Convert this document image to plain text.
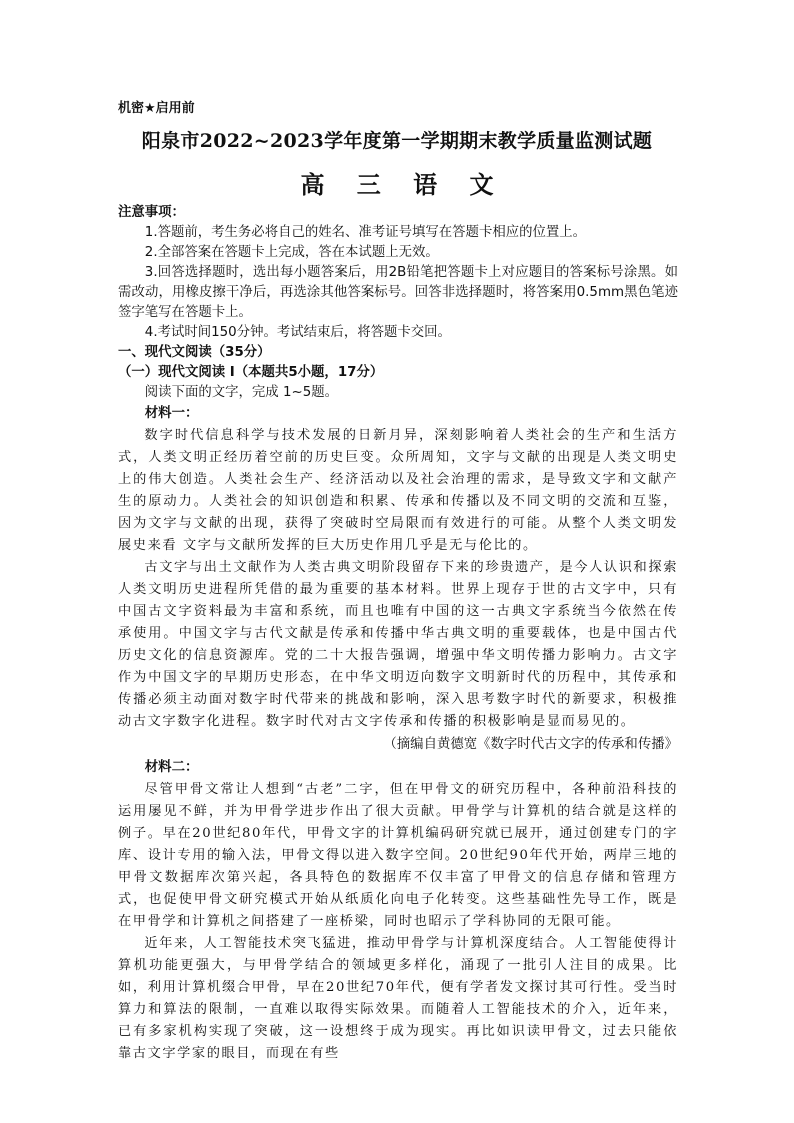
机密★启用前
阳泉市2022~2023学年度第一学期期末教学质量监测试题
高 三 语 文

注意事项：

1.答题前，考生务必将自己的姓名、准考证号填写在答题卡相应的位置上。

2.全部答案在答题卡上完成，答在本试题上无效。

3.回答选择题时，选出每小题答案后，用2B铅笔把答题卡上对应题目的答案标号涂黑。如需改动，用橡皮擦干净后，再选涂其他答案标号。回答非选择题时，将答案用0.5mm黑色笔迹签字笔写在答题卡上。

4.考试时间150分钟。考试结束后，将答题卡交回。

一、现代文阅读（35分）

（一）现代文阅读 I（本题共5小题，17分）

阅读下面的文字，完成 1~5题。

材料一：

数字时代信息科学与技术发展的日新月异，深刻影响着人类社会的生产和生活方式，人类文明正经历着空前的历史巨变。众所周知，文字与文献的出现是人类文明史上的伟大创造。人类社会生产、经济活动以及社会治理的需求，是导致文字和文献产生的原动力。人类社会的知识创造和积累、传承和传播以及不同文明的交流和互鉴，因为文字与文献的出现，获得了突破时空局限而有效进行的可能。从整个人类文明发展史来看 文字与文献所发挥的巨大历史作用几乎是无与伦比的。

古文字与出土文献作为人类古典文明阶段留存下来的珍贵遗产，是今人认识和探索人类文明历史进程所凭借的最为重要的基本材料。世界上现存于世的古文字中，只有中国古文字资料最为丰富和系统，而且也唯有中国的这一古典文字系统当今依然在传承使用。中国文字与古代文献是传承和传播中华古典文明的重要载体，也是中国古代历史文化的信息资源库。党的二十大报告强调，增强中华文明传播力影响力。古文字作为中国文字的早期历史形态，在中华文明迈向数字文明新时代的历程中，其传承和传播必须主动面对数字时代带来的挑战和影响，深入思考数字时代的新要求，积极推动古文字数字化进程。数字时代对古文字传承和传播的积极影响是显而易见的。

（摘编自黄德宽《数字时代古文字的传承和传播》

材料二：

尽管甲骨文常让人想到“古老”二字，但在甲骨文的研究历程中，各种前沿科技的运用屡见不鲜，并为甲骨学进步作出了很大贡献。甲骨学与计算机的结合就是这样的例子。早在20世纪80年代，甲骨文字的计算机编码研究就已展开，通过创建专门的字库、设计专用的输入法，甲骨文得以进入数字空间。20世纪90年代开始，两岸三地的甲骨文数据库次第兴起，各具特色的数据库不仅丰富了甲骨文的信息存储和管理方式，也促使甲骨文研究模式开始从纸质化向电子化转变。这些基础性先导工作，既是在甲骨学和计算机之间搭建了一座桥梁，同时也昭示了学科协同的无限可能。

近年来，人工智能技术突飞猛进，推动甲骨学与计算机深度结合。人工智能使得计算机功能更强大，与甲骨学结合的领域更多样化，涌现了一批引人注目的成果。比如，利用计算机缀合甲骨，早在20世纪70年代，便有学者发文探讨其可行性。受当时算力和算法的限制，一直难以取得实际效果。而随着人工智能技术的介入，近年来，已有多家机构实现了突破，这一设想终于成为现实。再比如识读甲骨文，过去只能依靠古文字学家的眼目，而现在有些
